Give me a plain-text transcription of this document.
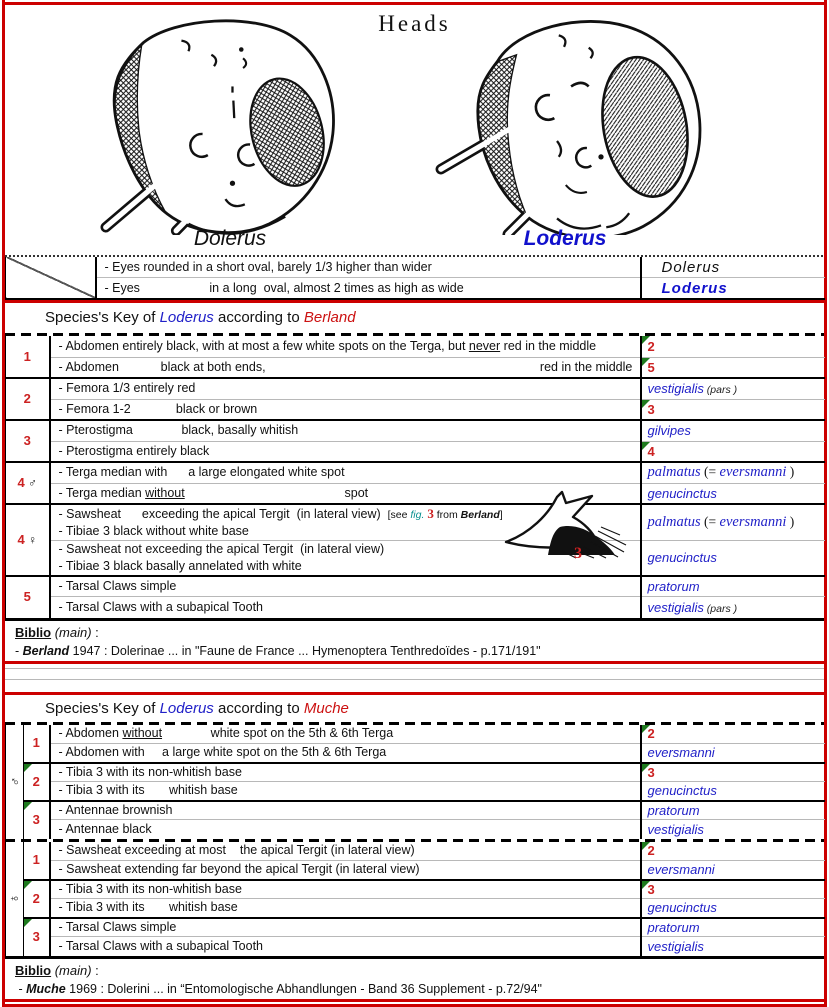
Heads
Dolerus	Loderus

	- Eyes rounded in a short oval, barely 1/3 higher than wider	Dolerus

	- Eyes                    in a long  oval, almost 2 times as high as wide	Loderus
Species's Key of Loderus according to Berland
1	- Abdomen entirely black, with at most a few white spots on the Terga, but never red in the middle	2

	- Abdomen            black at both ends,                                                                               red in the middle	5
2	- Femora 1/3 entirely red	vestigialis (pars )

	- Femora 1-2             black or brown	3
3	- Pterostigma              black, basally whitish	gilvipes

	- Pterostigma entirely black	4
4 ♂	- Terga median with      a large elongated white spot	palmatus (= eversmanni )

	- Terga median without                                              spot	genucinctus
4 ♀	- Sawsheat      exceeding the apical Tergit  (in lateral view)  [see fig. 3 from Berland]
- Tibiae 3 black without white base	palmatus (= eversmanni )

	- Sawsheat not exceeding the apical Tergit  (in lateral view)
- Tibiae 3 black basally annelated with white	genucinctus
5	- Tarsal Claws simple	pratorum

	- Tarsal Claws with a subapical Tooth	vestigialis (pars )
3
Biblio (main) :
- Berland 1947 : Dolerinae ... in "Faune de France ... Hymenoptera Tenthredoïdes - p.171/191"
Species's Key of Loderus according to Muche
♂	1	- Abdomen without              white spot on the 5th & 6th Terga	2

		- Abdomen with     a large white spot on the 5th & 6th Terga	eversmanni
	2	- Tibia 3 with its non-whitish base	3

		- Tibia 3 with its       whitish base	genucinctus
	3	- Antennae brownish	pratorum

		- Antennae black	vestigialis
♀	1	- Sawsheat exceeding at most    the apical Tergit (in lateral view)	2

		- Sawsheat extending far beyond the apical Tergit (in lateral view)	eversmanni
	2	- Tibia 3 with its non-whitish base	3

		- Tibia 3 with its       whitish base	genucinctus
	3	- Tarsal Claws simple	pratorum

		- Tarsal Claws with a subapical Tooth	vestigialis
Biblio (main) :
- Muche 1969 : Dolerini ... in “Entomologische Abhandlungen - Band 36 Supplement - p.72/94"
